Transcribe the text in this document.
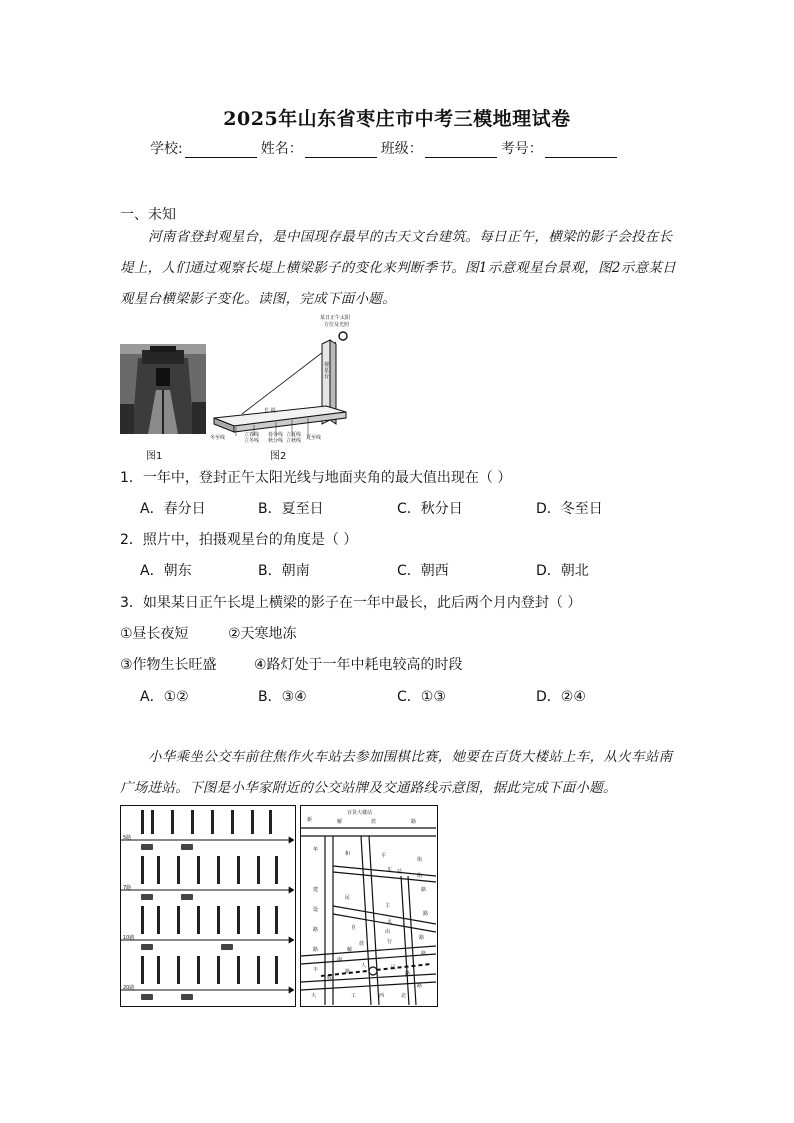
2025年山东省枣庄市中考三模地理试卷
学校:	姓名：	班级：	考号：
一、未知
河南省登封观星台，是中国现存最早的古天文台建筑。每日正午，横梁的影子会投在长堤上，人们通过观察长堤上横梁影子的变化来判断季节。图1示意观星台景观，图2示意某日观星台横梁影子变化。读图，完成下面小题。
图1
某日正午太阳
方位及光照
观星台
长 堤
冬至线	立春线
立冬线
春分线
秋分线
立夏线
立秋线 夏至线
图2
1．一年中，登封正午太阳光线与地面夹角的最大值出现在（ ）
A．春分日	B．夏至日	C．秋分日	D．冬至日
2．照片中，拍摄观星台的角度是（ ）
A．朝东	B．朝南	C．朝西	D．朝北
3．如果某日正午长堤上横梁的影子在一年中最长，此后两个月内登封（ ）
①昼长夜短	②天寒地冻
③作物生长旺盛	④路灯处于一年中耗电较高的时段
A．①②	B．③④	C．①③	D．②④
小华乘坐公交车前往焦作火车站去参加围棋比赛，她要在百货大楼站上车，从火车站南广场进站。下图是小华家附近的公交站牌及交通路线示意图，据此完成下面小题。
5路
7路
10路
20路
百货大楼站
新	解	放	路
华
和	平
街
车 站
街
路
民
主
路
建
设
路	自
由
路
太
行
路	解
放
南
路
人	民
路
丰
收
路
大	工
路
西	北
